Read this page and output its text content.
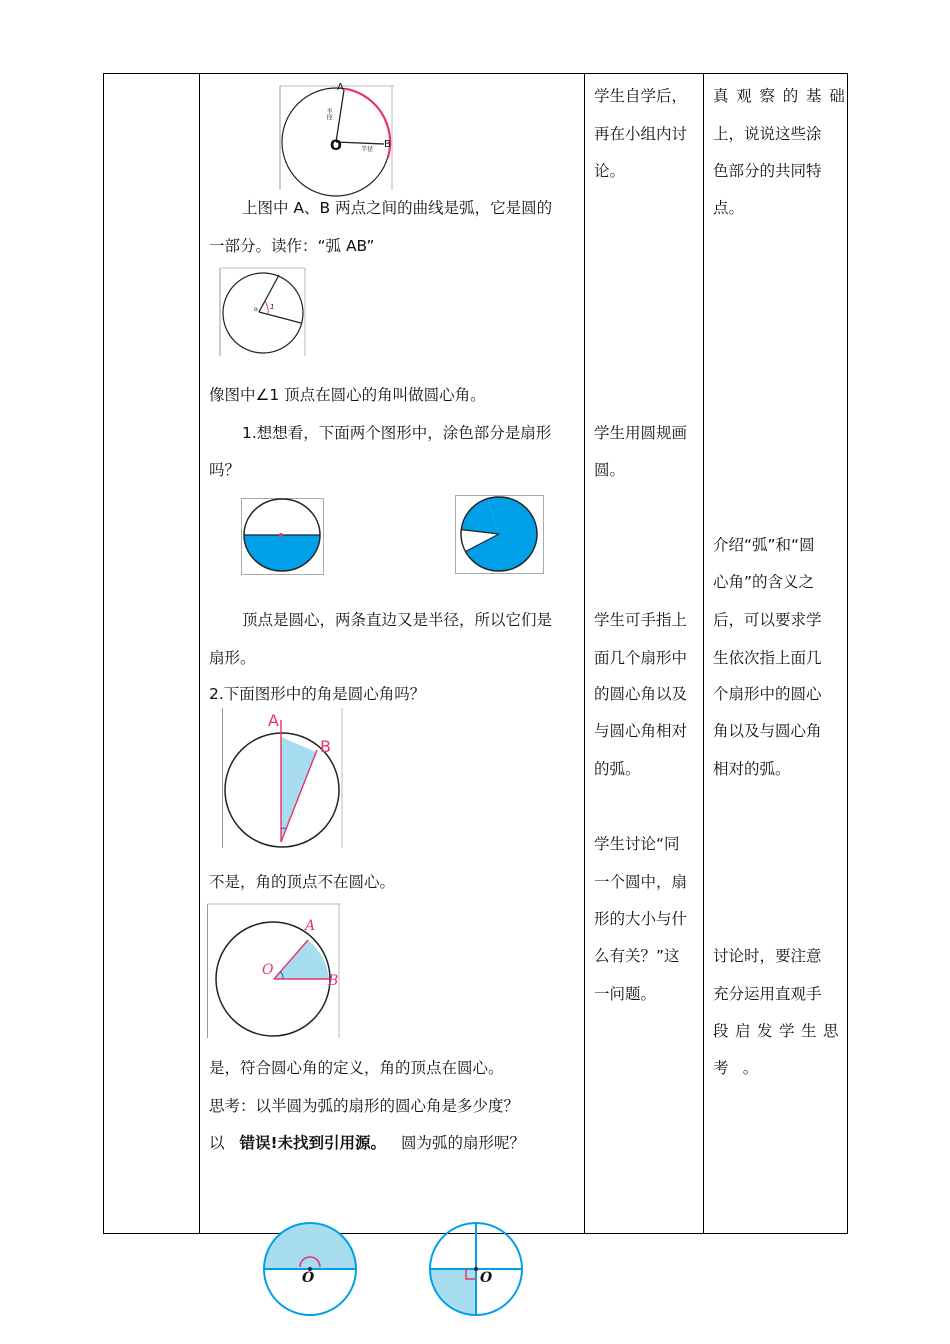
A
B
O
半径
半径
上图中 A、B 两点之间的曲线是弧，它是圆的
一部分。读作：“弧 AB”
o 1
像图中∠1 顶点在圆心的角叫做圆心角。
1.想想看，下面两个图形中，涂色部分是扇形
吗？
顶点是圆心，两条直边又是半径，所以它们是
扇形。
2.下面图形中的角是圆心角吗？
A
B
不是，角的顶点不在圆心。
O
A
B
是，符合圆心角的定义，角的顶点在圆心。
思考：以半圆为弧的扇形的圆心角是多少度？
以 错误!未找到引用源。 圆为弧的扇形呢？
学生自学后，
再在小组内讨
论。
学生用圆规画
圆。
学生可手指上
面几个扇形中
的圆心角以及
与圆心角相对
的弧。
学生讨论“同
一个圆中，扇
形的大小与什
么有关？”这
一问题。
真观察的基础
上，说说这些涂
色部分的共同特
点。
介绍“弧”和“圆
心角”的含义之
后，可以要求学
生依次指上面几
个扇形中的圆心
角以及与圆心角
相对的弧。
讨论时，要注意
充分运用直观手
段启发学生思
考 。
O	O
